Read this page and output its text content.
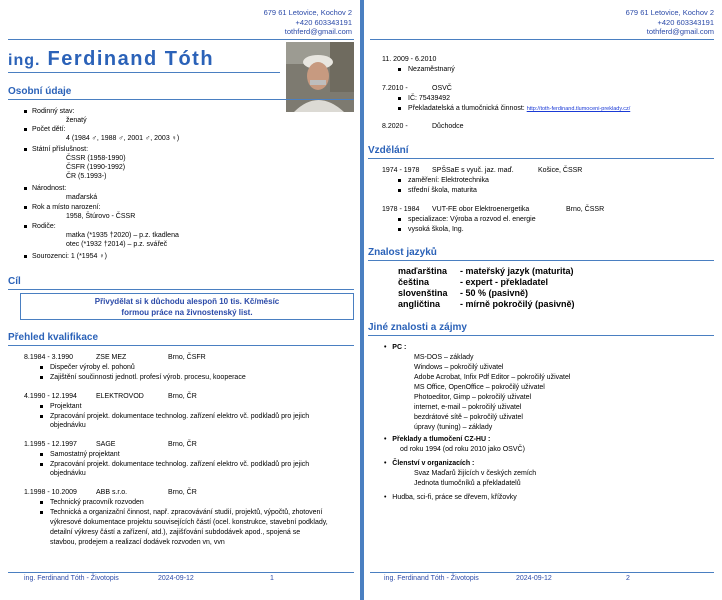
679 61 Letovice, Kochov 2
+420 603343191
tothferd@gmail.com
ing. Ferdinand Tóth
Osobní údaje
Rodinný stav:
ženatý
Počet dětí:
4 (1984 ♂, 1988 ♂, 2001 ♂, 2003 ♀)
Státní příslušnost:
ČSSR (1958-1990)
ČSFR (1990-1992)
ČR (5.1993-)
Národnost:
maďarská
Rok a místo narození:
1958, Štúrovo - ČSSR
Rodiče:
matka (*1935 †2020) – p.z. tkadlena
otec (*1932 †2014) – p.z. svářeč
Sourozenci: 1 (*1954 ♀)
Cíl
Přivydělat si k důchodu alespoň 10 tis. Kč/měsíc
formou práce na živnostenský list.
Přehled kvalifikace
8.1984 - 3.1990	ZSE MEZ	Brno, ČSFR
Dispečer výroby el. pohonů
Zajištění součinnosti jednotl. profesí výrob. procesu, kooperace
4.1990 - 12.1994	ELEKTROVOD	Brno, ČR
Projektant
Zpracování projekt. dokumentace technolog. zařízení elektro vč. podkladů pro jejich
objednávku
1.1995 - 12.1997	SAGE	Brno, ČR
Samostatný projektant
Zpracování projekt. dokumentace technolog. zařízení elektro vč. podkladů pro jejich
objednávku
1.1998 - 10.2009	ABB s.r.o.	Brno, ČR
Technický pracovník rozvoden
Technická a organizační činnost, např. zpracovávání studií, projektů, výpočtů, zhotovení
výkresové dokumentace projektu souvisejících částí (ocel. konstrukce, stavební podklady,
detailní výkresy částí a zařízení, atd.), zajišťování subdodávek apod., spojená se
stavbou, prodejem a realizací dodávek rozvoden vn, vvn
ing. Ferdinand Tóth - Životopis	2024-09-12	1
679 61 Letovice, Kochov 2
+420 603343191
tothferd@gmail.com
11. 2009 - 6.2010
Nezaměstnaný
7.2010 -	OSVČ
IČ: 75439492
Překladatelská a tlumočnická činnost: http://toth-ferdinand.tlumoceni-preklady.cz/
8.2020 -	Důchodce
Vzdělání
1974 - 1978 SPŠSaE s vyuč. jaz. maď.	Košice, ČSSR
zaměření: Elektrotechnika
střední škola, maturita
1978 - 1984 VUT-FE obor Elektroenergetika	Brno, ČSSR
specializace: Výroba a rozvod el. energie
vysoká škola, Ing.
Znalost jazyků
maďarština - mateřský jazyk (maturita)
čeština	- expert - překladatel
slovenština - 50 % (pasivně)
angličtina - mírně pokročilý (pasivně)
Jiné znalosti a zájmy
•   PC :
MS-DOS – základy
Windows – pokročilý uživatel
Adobe Acrobat, Infix Pdf Editor – pokročilý uživatel
MS Office, OpenOffice – pokročilý uživatel
Photoeditor, Gimp – pokročilý uživatel
internet, e-mail – pokročilý uživatel
bezdrátové sítě – pokročilý uživatel
úpravy (tuning) – základy
•   Překlady a tlumočení CZ-HU :
od roku 1994 (od roku 2010 jako OSVČ)
•   Členství v organizacích :
Svaz Maďarů žijících v českých zemích
Jednota tlumočníků a překladatelů
•   Hudba, sci-fi, práce se dřevem, křížovky
ing. Ferdinand Tóth - Životopis	2024-09-12	2
